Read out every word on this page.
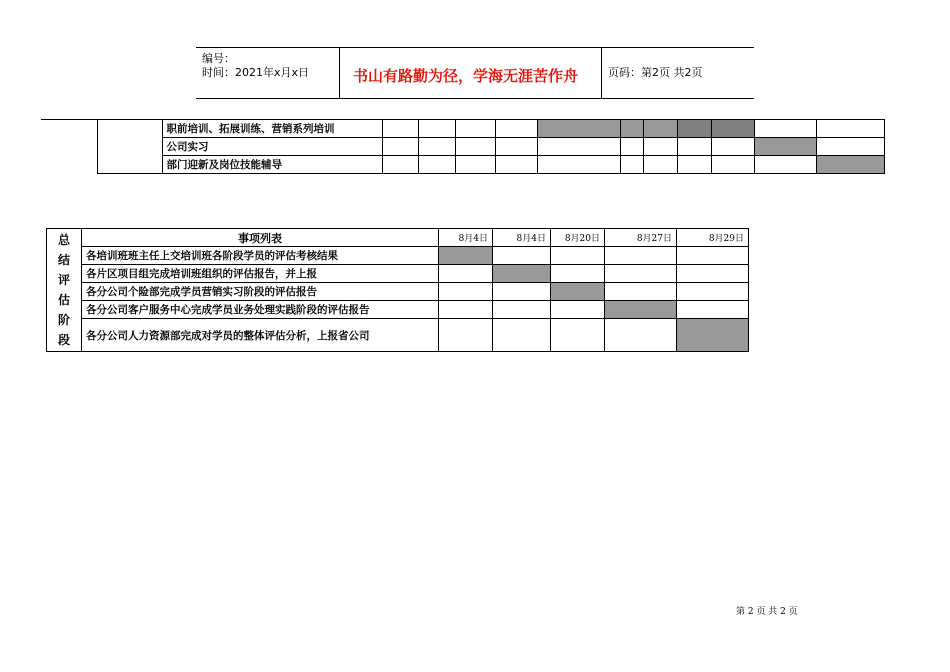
编号：
时间：2021年x月x日	书山有路勤为径，学海无涯苦作舟	页码：第2页 共2页
		职前培训、拓展训练、营销系列培训											
		公司实习											
		部门迎新及岗位技能辅导											
总结评估阶段	事项列表	8月4日	8月4日	8月20日	8月27日	8月29日
	各培训班班主任上交培训班各阶段学员的评估考核结果					
	各片区项目组完成培训班组织的评估报告，并上报					
	各分公司个险部完成学员营销实习阶段的评估报告					
	各分公司客户服务中心完成学员业务处理实践阶段的评估报告					
	各分公司人力资源部完成对学员的整体评估分析，上报省公司					
第 2 页 共 2 页
